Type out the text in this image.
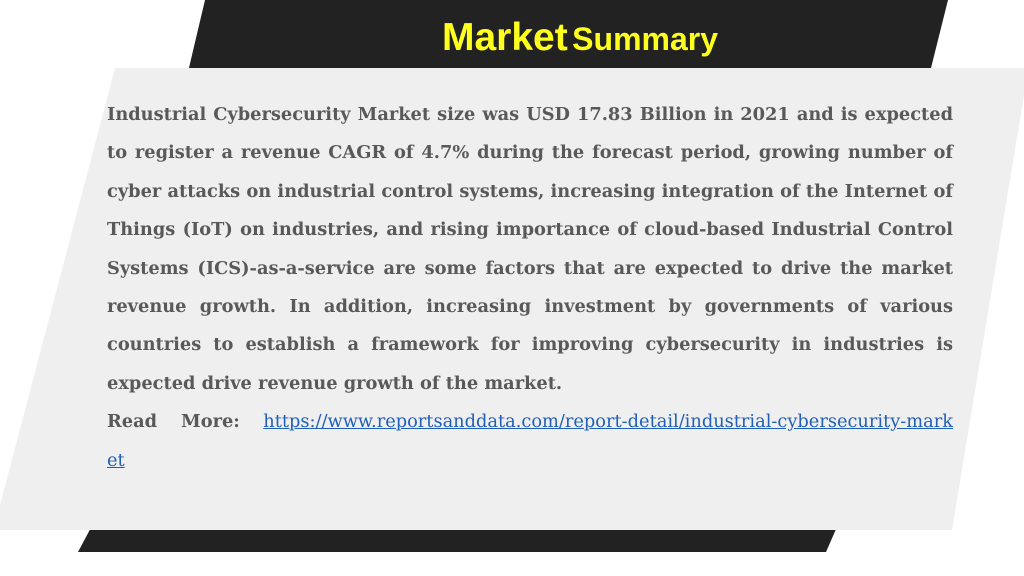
Market Summary

Industrial Cybersecurity Market size was USD 17.83 Billion in 2021 and is expected to register a revenue CAGR of 4.7% during the forecast period, growing number of cyber attacks on industrial control systems, increasing integration of the Internet of Things (IoT) on industries, and rising importance of cloud-based Industrial Control Systems (ICS)-as-a-service are some factors that are expected to drive the market revenue growth. In addition, increasing investment by governments of various countries to establish a framework for improving cybersecurity in industries is expected drive revenue growth of the market.

Read More: https://www.reportsanddata.com/report-detail/industrial-cybersecurity-market
